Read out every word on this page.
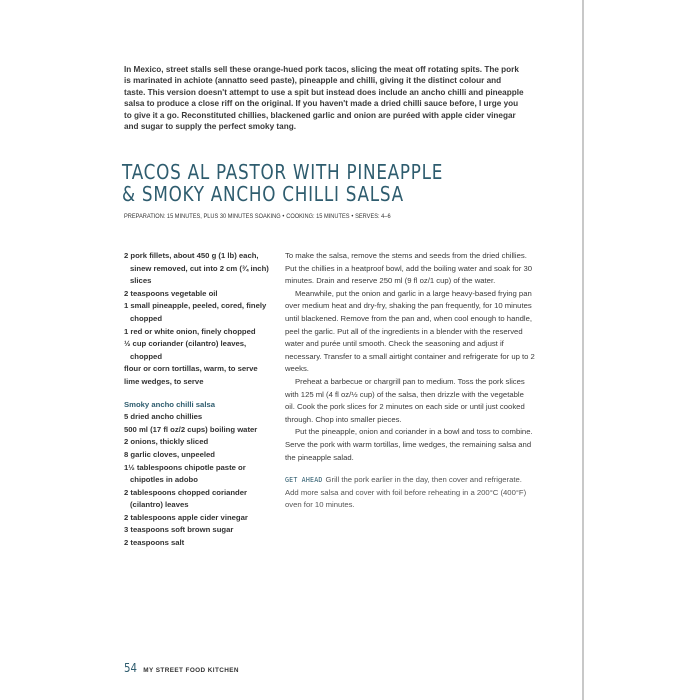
In Mexico, street stalls sell these orange-hued pork tacos, slicing the meat off rotating spits. The pork is marinated in achiote (annatto seed paste), pineapple and chilli, giving it the distinct colour and taste. This version doesn't attempt to use a spit but instead does include an ancho chilli and pineapple salsa to produce a close riff on the original. If you haven't made a dried chilli sauce before, I urge you to give it a go. Reconstituted chillies, blackened garlic and onion are puréed with apple cider vinegar and sugar to supply the perfect smoky tang.

TACOS AL PASTOR WITH PINEAPPLE
& SMOKY ANCHO CHILLI SALSA
PREPARATION: 15 MINUTES, PLUS 30 MINUTES SOAKING • COOKING: 15 MINUTES • SERVES: 4–6

2 pork fillets, about 450 g (1 lb) each, sinew removed, cut into 2 cm (¾ inch) slices

2 teaspoons vegetable oil

1 small pineapple, peeled, cored, finely chopped

1 red or white onion, finely chopped

½ cup coriander (cilantro) leaves, chopped

flour or corn tortillas, warm, to serve

lime wedges, to serve

Smoky ancho chilli salsa

5 dried ancho chillies

500 ml (17 fl oz/2 cups) boiling water

2 onions, thickly sliced

8 garlic cloves, unpeeled

1½ tablespoons chipotle paste or chipotles in adobo

2 tablespoons chopped coriander (cilantro) leaves

2 tablespoons apple cider vinegar

3 teaspoons soft brown sugar

2 teaspoons salt

To make the salsa, remove the stems and seeds from the dried chillies. Put the chillies in a heatproof bowl, add the boiling water and soak for 30 minutes. Drain and reserve 250 ml (9 fl oz/1 cup) of the water.

Meanwhile, put the onion and garlic in a large heavy-based frying pan over medium heat and dry-fry, shaking the pan frequently, for 10 minutes until blackened. Remove from the pan and, when cool enough to handle, peel the garlic. Put all of the ingredients in a blender with the reserved water and purée until smooth. Check the seasoning and adjust if necessary. Transfer to a small airtight container and refrigerate for up to 2 weeks.

Preheat a barbecue or chargrill pan to medium. Toss the pork slices with 125 ml (4 fl oz/½ cup) of the salsa, then drizzle with the vegetable oil. Cook the pork slices for 2 minutes on each side or until just cooked through. Chop into smaller pieces.

Put the pineapple, onion and coriander in a bowl and toss to combine. Serve the pork with warm tortillas, lime wedges, the remaining salsa and the pineapple salad.

GET AHEAD Grill the pork earlier in the day, then cover and refrigerate. Add more salsa and cover with foil before reheating in a 200°C (400°F) oven for 10 minutes.

54 MY STREET FOOD KITCHEN
